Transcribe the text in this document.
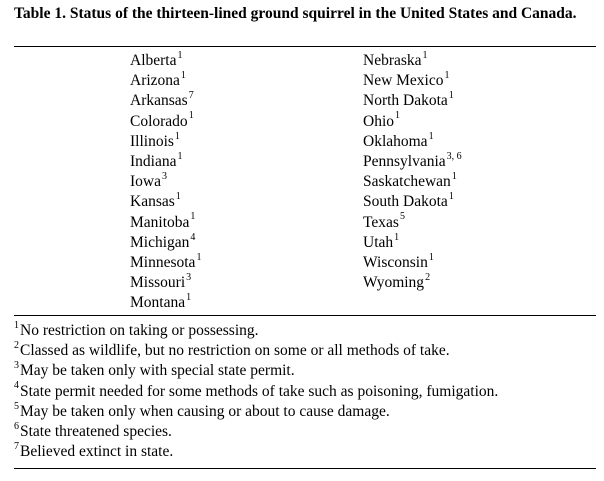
Table 1. Status of the thirteen-lined ground squirrel in the United States and Canada.
Alberta$^1$
Arizona$^1$
Arkansas$^7$
Colorado$^1$
Illinois$^1$
Indiana$^1$
Iowa$^3$
Kansas$^1$
Manitoba$^1$
Michigan$^4$
Minnesota$^1$
Missouri$^3$
Montana$^1$
Nebraska$^1$
New Mexico$^1$
North Dakota$^1$
Ohio$^1$
Oklahoma$^1$
Pennsylvania$^{3, 6}$
Saskatchewan$^1$
South Dakota$^1$
Texas$^5$
Utah$^1$
Wisconsin$^1$
Wyoming$^2$
$^1$No restriction on taking or possessing.
$^2$Classed as wildlife, but no restriction on some or all methods of take.
$^3$May be taken only with special state permit.
$^4$State permit needed for some methods of take such as poisoning, fumigation.
$^5$May be taken only when causing or about to cause damage.
$^6$State threatened species.
$^7$Believed extinct in state.
